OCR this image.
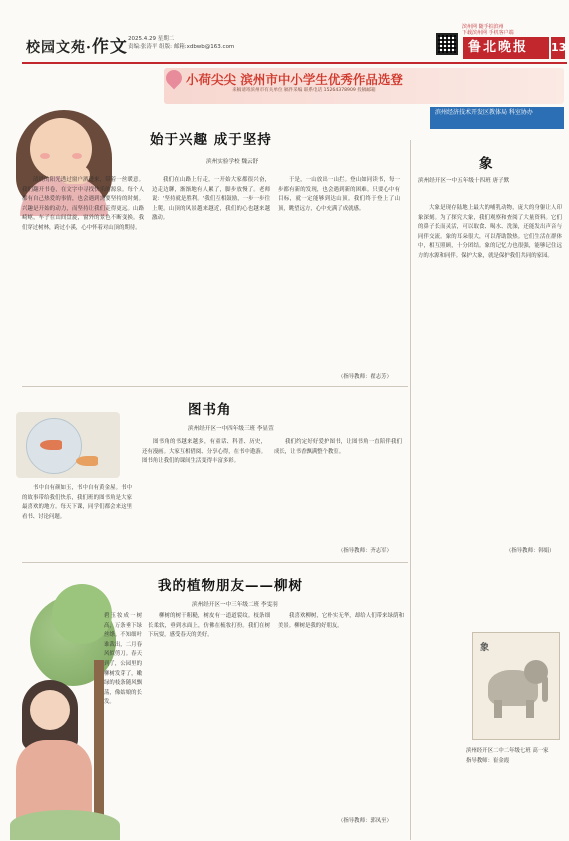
校园文苑·作文 2025.4.29 星期二
责编:张涛平 组版: 邮箱:xdbwb@163.com
下载滨州网 手机客户端
滨州网 随手拍滨州
鲁北晚报	13
小荷尖尖 滨州市中小学生优秀作品选登
来稿请寄滨州市有关单位 稿件采编 联系电话 15264378909 投稿邮箱
滨州经济技术开发区教体局 科室协办
始于兴趣 成于坚持
滨州实验学校 魏云舒
清晨的阳光透过窗户洒进来，带着一丝暖意。我们翻开书卷，在文字中寻找快乐的源泉。每个人都有自己热爱的事情，也会遇到需要坚持的时刻。兴趣是开始的动力，而坚持让我们走得更远。山路崎岖，车子在山间盘旋，窗外的景色不断变换。我们穿过树林，跨过小溪，心中怀着对山顶的期待。
我们在山路上行走，一开始大家都很兴奋，边走边聊，渐渐地有人累了，脚步放慢了。老师说：'坚持就是胜利。'我们互相鼓励，一步一步往上爬。山顶的风景越来越近，我们的心也越来越激动。
于是，一山放出一山拦。登山如同读书，每一步都有新的发现，也会遇到新的困难。只要心中有目标，就一定能够到达山顶。我们终于登上了山顶，眺望远方，心中充满了成就感。
（指导教师：翟志芳）
象
滨州经开区一中五年级十四班 唐子默
大象是现存陆地上最大的哺乳动物，庞大的身躯让人印象深刻。为了探究大象，我们观察和查阅了大量资料。它们的鼻子长而灵活，可以取食、喝水、洗澡，还能发出声音与同伴交流。象的耳朵很大，可以帮助散热。它们生活在群体中，相互照顾，十分团结。象的记忆力也很强，能够记住远方的水源和同伴。保护大象，就是保护我们共同的家园。
（指导教师：韩娟）
象
滨州经开区二中二年级七班 高一家
指导教师：崔金霞
图书角
滨州经开区一中四年级三班 李显萱
书中自有颜如玉，书中自有黄金屋。书中的故事带给我们快乐，我们班的图书角是大家最喜欢的地方。每天下课，同学们都会来这里看书、讨论问题。
图书角的书越来越多，有童话、科普、历史，还有漫画。大家互相借阅、分享心得，在书中遨游。图书角让我们的课间生活变得丰富多彩。
我们约定好好爱护图书，让图书角一直陪伴我们成长，让书香飘满整个教室。
（指导教师：齐志军）
我的植物朋友——柳树
滨州经开区一中三年级二班 李雯羽
碧玉妆成一树高，万条垂下绿丝绦。不知细叶谁裁出，二月春风似剪刀。春天到了，公园里的柳树发芽了，嫩绿的枝条随风飘荡，像姑娘的长发。
柳树的树干粗糙，树皮有一道道裂纹。枝条细长柔软，垂到水面上，仿佛在梳妆打扮。我们在树下玩耍，感受春天的美好。
我喜欢柳树，它朴实无华，却给人们带来绿荫和美景。柳树是我的好朋友。
（指导教师：郭凤至）
